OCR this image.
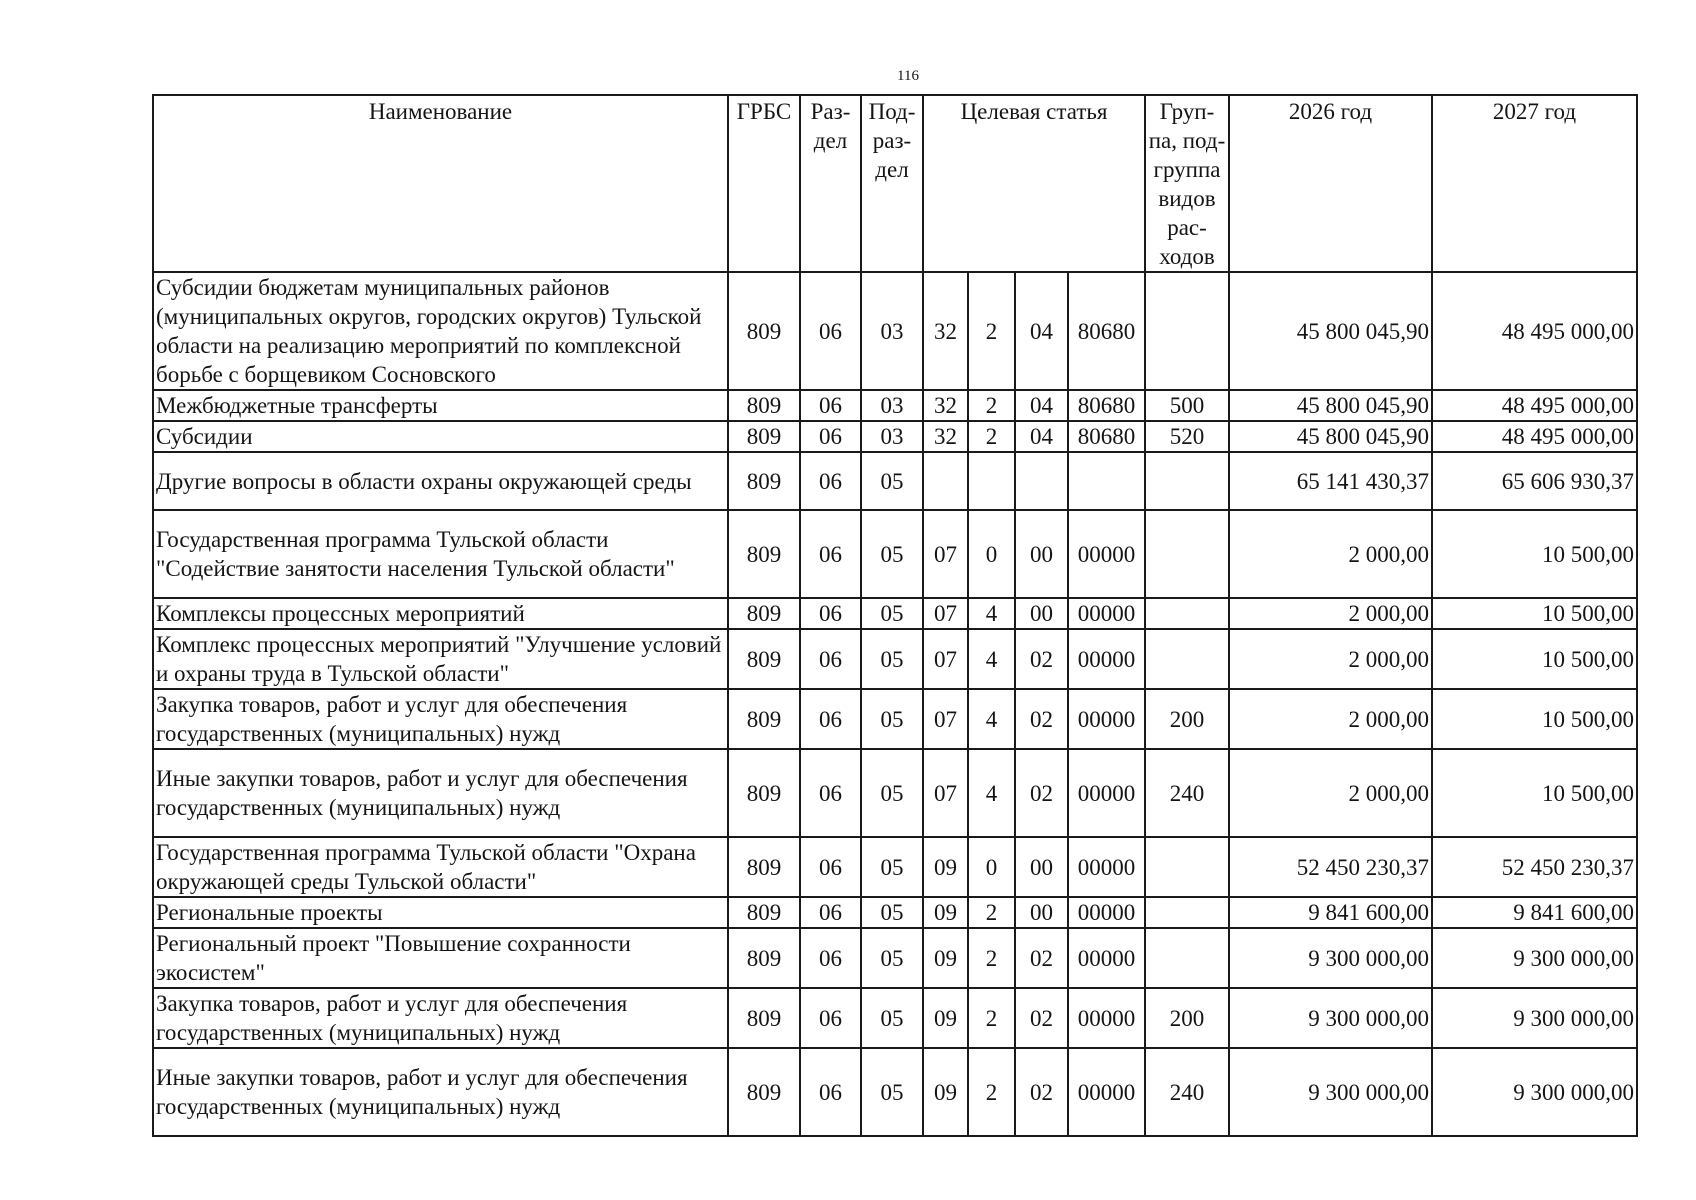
116
Наименование	ГРБС	Раз- дел	Под- раз- дел	Целевая статья				Груп- па, под- группа видов рас- ходов	2026 год	2027 год
Субсидии бюджетам муниципальных районов (муниципальных округов, городских округов) Тульской области на реализацию мероприятий по комплексной борьбе с борщевиком Сосновского	809	06	03	32	2	04	80680		45 800 045,90	48 495 000,00
Межбюджетные трансферты	809	06	03	32	2	04	80680	500	45 800 045,90	48 495 000,00
Субсидии	809	06	03	32	2	04	80680	520	45 800 045,90	48 495 000,00
Другие вопросы в области охраны окружающей среды	809	06	05						65 141 430,37	65 606 930,37
Государственная программа Тульской области "Содействие занятости населения Тульской области"	809	06	05	07	0	00	00000		2 000,00	10 500,00
Комплексы процессных мероприятий	809	06	05	07	4	00	00000		2 000,00	10 500,00
Комплекс процессных мероприятий "Улучшение условий и охраны труда в Тульской области"	809	06	05	07	4	02	00000		2 000,00	10 500,00
Закупка товаров, работ и услуг для обеспечения государственных (муниципальных) нужд	809	06	05	07	4	02	00000	200	2 000,00	10 500,00
Иные закупки товаров, работ и услуг для обеспечения государственных (муниципальных) нужд	809	06	05	07	4	02	00000	240	2 000,00	10 500,00
Государственная программа Тульской области "Охрана окружающей среды Тульской области"	809	06	05	09	0	00	00000		52 450 230,37	52 450 230,37
Региональные проекты	809	06	05	09	2	00	00000		9 841 600,00	9 841 600,00
Региональный проект "Повышение сохранности экосистем"	809	06	05	09	2	02	00000		9 300 000,00	9 300 000,00
Закупка товаров, работ и услуг для обеспечения государственных (муниципальных) нужд	809	06	05	09	2	02	00000	200	9 300 000,00	9 300 000,00
Иные закупки товаров, работ и услуг для обеспечения государственных (муниципальных) нужд	809	06	05	09	2	02	00000	240	9 300 000,00	9 300 000,00
